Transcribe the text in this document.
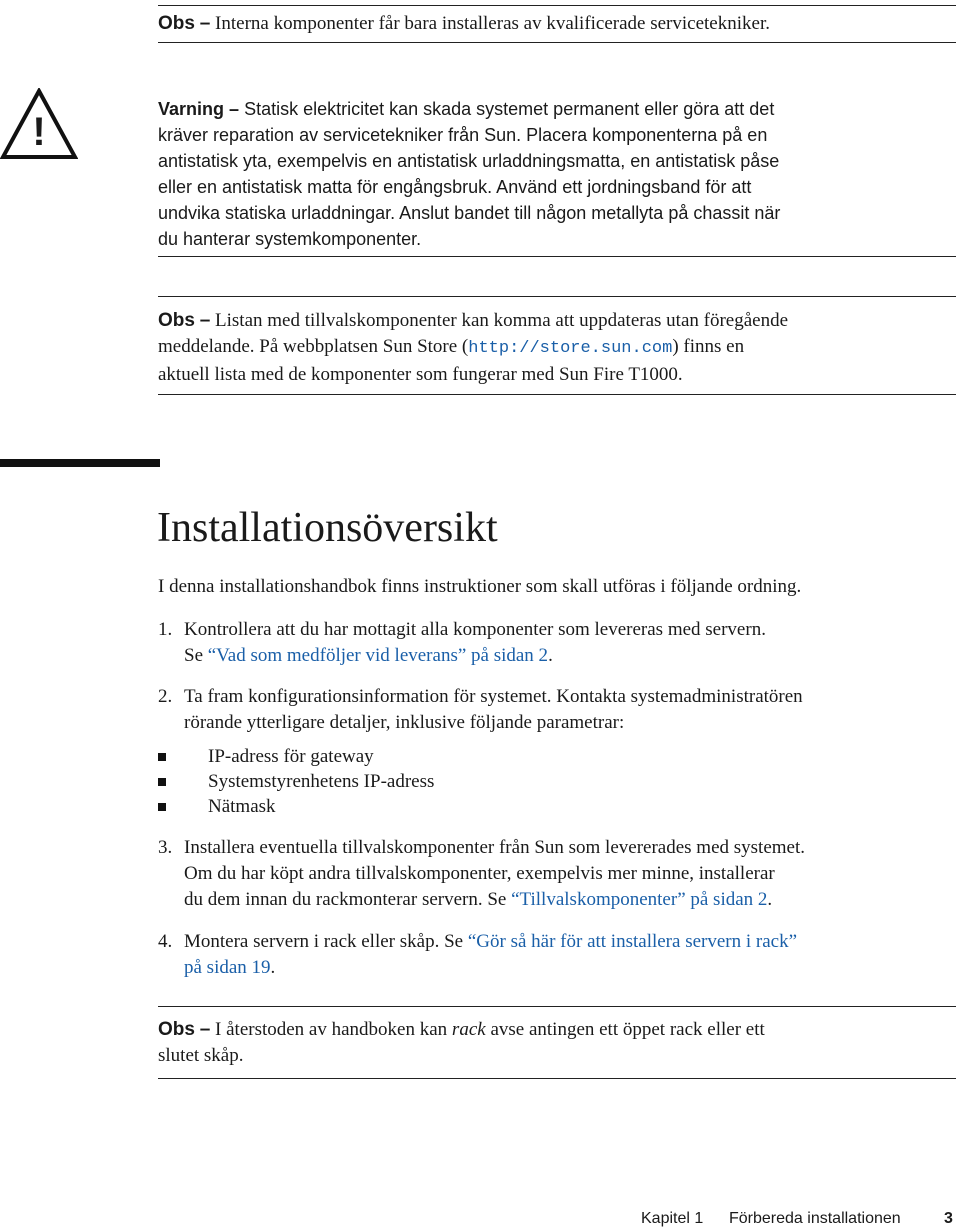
Obs – Interna komponenter får bara installeras av kvalificerade servicetekniker.
!
Varning – Statisk elektricitet kan skada systemet permanent eller göra att det
kräver reparation av servicetekniker från Sun. Placera komponenterna på en
antistatisk yta, exempelvis en antistatisk urladdningsmatta, en antistatisk påse
eller en antistatisk matta för engångsbruk. Använd ett jordningsband för att
undvika statiska urladdningar. Anslut bandet till någon metallyta på chassit när
du hanterar systemkomponenter.
Obs – Listan med tillvalskomponenter kan komma att uppdateras utan föregående
meddelande. På webbplatsen Sun Store (http://store.sun.com) finns en
aktuell lista med de komponenter som fungerar med Sun Fire T1000.
Installationsöversikt
I denna installationshandbok finns instruktioner som skall utföras i följande ordning.
1. Kontrollera att du har mottagit alla komponenter som levereras med servern.
Se “Vad som medföljer vid leverans” på sidan 2.
2. Ta fram konfigurationsinformation för systemet. Kontakta systemadministratören
rörande ytterligare detaljer, inklusive följande parametrar:
IP-adress för gateway
Systemstyrenhetens IP-adress
Nätmask
3. Installera eventuella tillvalskomponenter från Sun som levererades med systemet.
Om du har köpt andra tillvalskomponenter, exempelvis mer minne, installerar
du dem innan du rackmonterar servern. Se “Tillvalskomponenter” på sidan 2.
4. Montera servern i rack eller skåp. Se “Gör så här för att installera servern i rack”
på sidan 19.
Obs – I återstoden av handboken kan rack avse antingen ett öppet rack eller ett
slutet skåp.
Kapitel 1 Förbereda installationen	3
